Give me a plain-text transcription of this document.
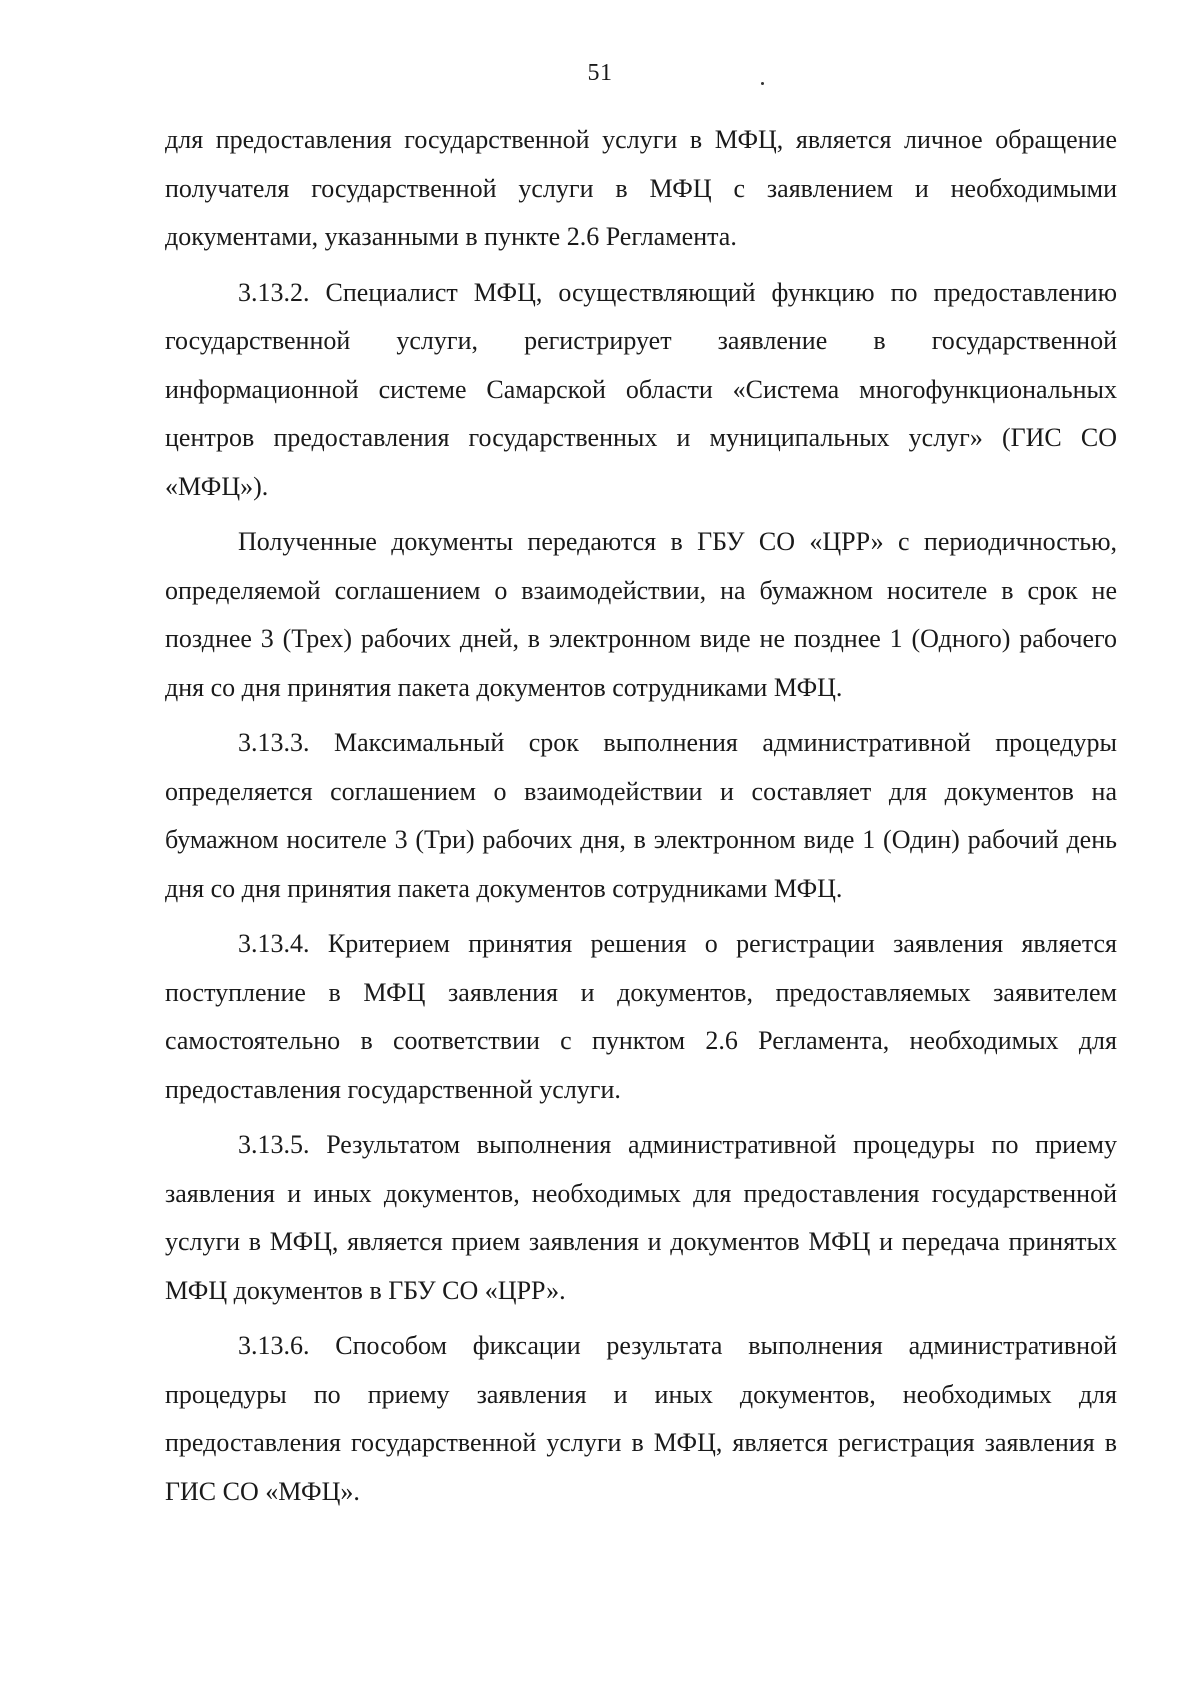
51

для предоставления государственной услуги в МФЦ, является личное обращение получателя государственной услуги в МФЦ с заявлением и необходимыми документами, указанными в пункте 2.6 Регламента.

3.13.2. Специалист МФЦ, осуществляющий функцию по предоставлению государственной услуги, регистрирует заявление в государственной информационной системе Самарской области «Система многофункциональных центров предоставления государственных и муниципальных услуг» (ГИС СО «МФЦ»).

Полученные документы передаются в ГБУ СО «ЦРР» с периодичностью, определяемой соглашением о взаимодействии, на бумажном носителе в срок не позднее 3 (Трех) рабочих дней, в электронном виде не позднее 1 (Одного) рабочего дня со дня принятия пакета документов сотрудниками МФЦ.

3.13.3. Максимальный срок выполнения административной процедуры определяется соглашением о взаимодействии и составляет для документов на бумажном носителе 3 (Три) рабочих дня, в электронном виде 1 (Один) рабочий день дня со дня принятия пакета документов сотрудниками МФЦ.

3.13.4. Критерием принятия решения о регистрации заявления является поступление в МФЦ заявления и документов, предоставляемых заявителем самостоятельно в соответствии с пунктом 2.6 Регламента, необходимых для предоставления государственной услуги.

3.13.5. Результатом выполнения административной процедуры по приему заявления и иных документов, необходимых для предоставления государственной услуги в МФЦ, является прием заявления и документов МФЦ и передача принятых МФЦ документов в ГБУ СО «ЦРР».

3.13.6. Способом фиксации результата выполнения административной процедуры по приему заявления и иных документов, необходимых для предоставления государственной услуги в МФЦ, является регистрация заявления в ГИС СО «МФЦ».
